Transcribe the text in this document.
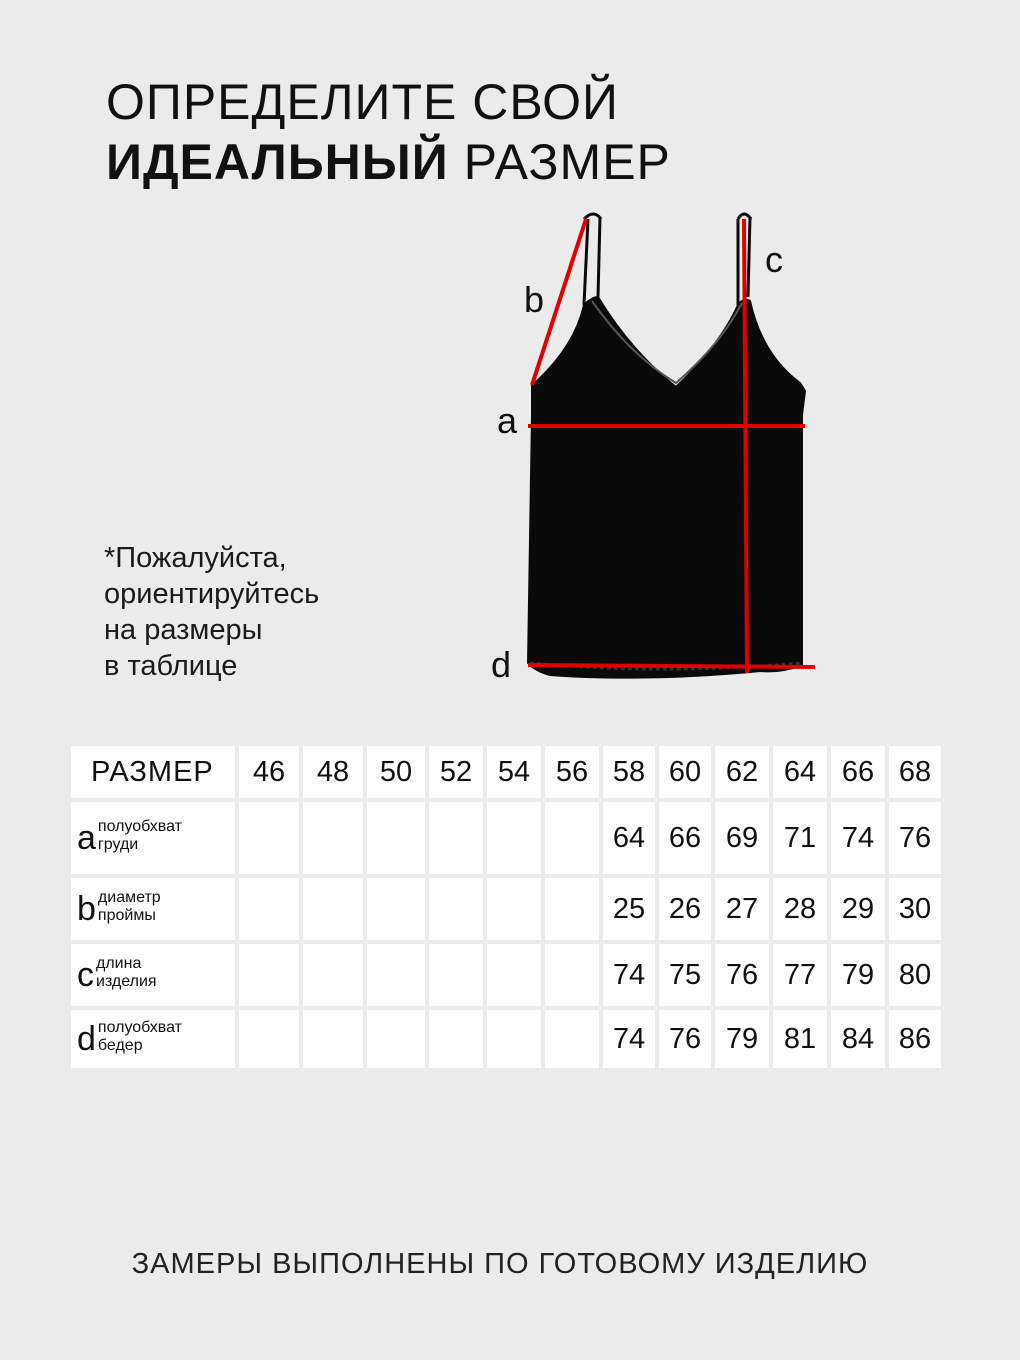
ОПРЕДЕЛИТЕ СВОЙ
ИДЕАЛЬНЫЙ РАЗМЕР
*Пожалуйста,
ориентируйтесь
на размеры
в таблице
b
c
a
d
РАЗМЕР	46	48	50	52	54	56	58	60	62	64	66	68

a полуобхват
груди							64	66	69	71	74	76

b диаметр
проймы							25	26	27	28	29	30

c длина
изделия							74	75	76	77	79	80

d полуобхват
бедер							74	76	79	81	84	86
ЗАМЕРЫ ВЫПОЛНЕНЫ ПО ГОТОВОМУ ИЗДЕЛИЮ
